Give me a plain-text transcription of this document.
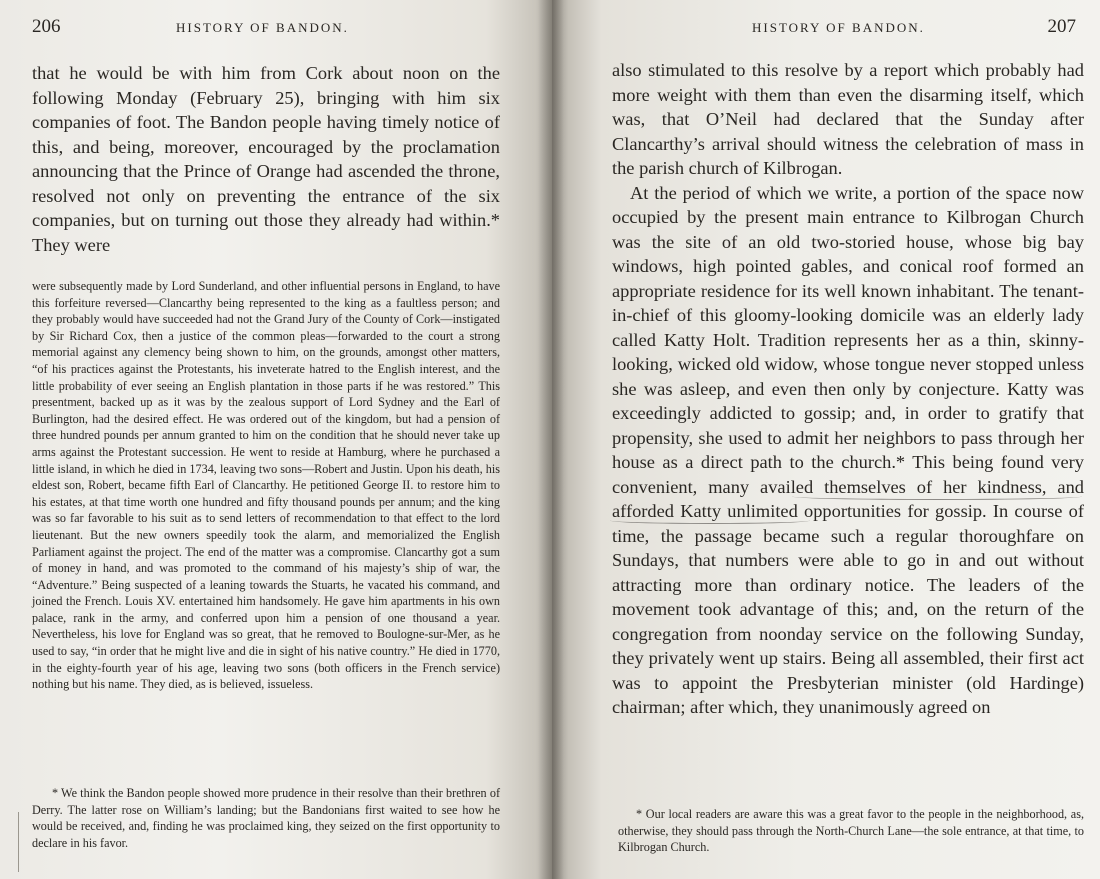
206	HISTORY OF BANDON.

that he would be with him from Cork about noon on the following Monday (February 25), bringing with him six companies of foot. The Bandon people having timely notice of this, and being, moreover, encouraged by the proclamation announcing that the Prince of Orange had ascended the throne, resolved not only on preventing the entrance of the six companies, but on turning out those they already had within.* They were

were subsequently made by Lord Sunderland, and other influential persons in England, to have this forfeiture reversed—Clancarthy being represented to the king as a faultless person; and they probably would have succeeded had not the Grand Jury of the County of Cork—instigated by Sir Richard Cox, then a justice of the common pleas—forwarded to the court a strong memorial against any clemency being shown to him, on the grounds, amongst other matters, “of his practices against the Protestants, his inveterate hatred to the English interest, and the little probability of ever seeing an English plantation in those parts if he was restored.” This presentment, backed up as it was by the zealous support of Lord Sydney and the Earl of Burlington, had the desired effect. He was ordered out of the kingdom, but had a pension of three hundred pounds per annum granted to him on the condition that he should never take up arms against the Protestant succession. He went to reside at Hamburg, where he purchased a little island, in which he died in 1734, leaving two sons—Robert and Justin. Upon his death, his eldest son, Robert, became fifth Earl of Clancarthy. He petitioned George II. to restore him to his estates, at that time worth one hundred and fifty thousand pounds per annum; and the king was so far favorable to his suit as to send letters of recommendation to that effect to the lord lieutenant. But the new owners speedily took the alarm, and memorialized the English Parliament against the project. The end of the matter was a compromise. Clancarthy got a sum of money in hand, and was promoted to the command of his majesty’s ship of war, the “Adventure.” Being suspected of a leaning towards the Stuarts, he vacated his command, and joined the French. Louis XV. entertained him handsomely. He gave him apartments in his own palace, rank in the army, and conferred upon him a pension of one thousand a year. Nevertheless, his love for England was so great, that he removed to Boulogne-sur-Mer, as he used to say, “in order that he might live and die in sight of his native country.” He died in 1770, in the eighty-fourth year of his age, leaving two sons (both officers in the French service) nothing but his name. They died, as is believed, issueless.

* We think the Bandon people showed more prudence in their resolve than their brethren of Derry. The latter rose on William’s landing; but the Bandonians first waited to see how he would be received, and, finding he was proclaimed king, they seized on the first opportunity to declare in his favor.

HISTORY OF BANDON.	207

also stimulated to this resolve by a report which probably had more weight with them than even the disarming itself, which was, that O’Neil had declared that the Sunday after Clancarthy’s arrival should witness the celebration of mass in the parish church of Kilbrogan.
At the period of which we write, a portion of the space now occupied by the present main entrance to Kilbrogan Church was the site of an old two-storied house, whose big bay windows, high pointed gables, and conical roof formed an appropriate residence for its well known inhabitant. The tenant-in-chief of this gloomy-looking domicile was an elderly lady called Katty Holt. Tradition represents her as a thin, skinny-looking, wicked old widow, whose tongue never stopped unless she was asleep, and even then only by conjecture. Katty was exceedingly addicted to gossip; and, in order to gratify that propensity, she used to admit her neighbors to pass through her house as a direct path to the church.* This being found very convenient, many availed themselves of her kindness, and afforded Katty unlimited opportunities for gossip. In course of time, the passage became such a regular thoroughfare on Sundays, that numbers were able to go in and out without attracting more than ordinary notice. The leaders of the movement took advantage of this; and, on the return of the congregation from noonday service on the following Sunday, they privately went up stairs. Being all assembled, their first act was to appoint the Presbyterian minister (old Hardinge) chairman; after which, they unanimously agreed on

* Our local readers are aware this was a great favor to the people in the neighborhood, as, otherwise, they should pass through the North-Church Lane—the sole entrance, at that time, to Kilbrogan Church.
